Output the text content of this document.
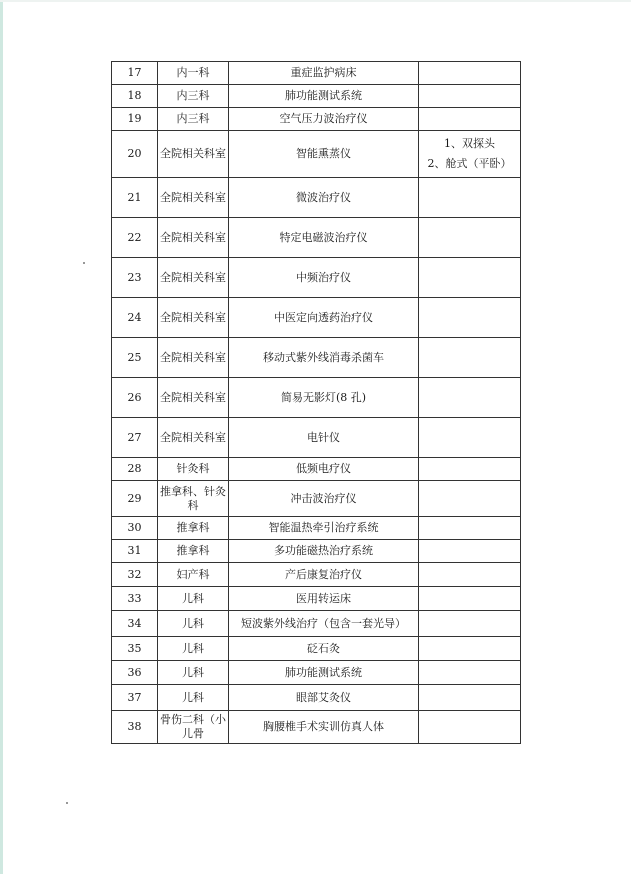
17	内一科	重症监护病床	
18	内三科	肺功能测试系统	
19	内三科	空气压力波治疗仪	
20	全院相关科室	智能熏蒸仪	1、双探头
2、舱式（平卧）

21	全院相关科室	微波治疗仪	
22	全院相关科室	特定电磁波治疗仪	
23	全院相关科室	中频治疗仪	
24	全院相关科室	中医定向透药治疗仪	
25	全院相关科室	移动式紫外线消毒杀菌车	
26	全院相关科室	简易无影灯(8 孔)	
27	全院相关科室	电针仪	
28	针灸科	低频电疗仪	
29	推拿科、针灸科	冲击波治疗仪	
30	推拿科	智能温热牵引治疗系统	
31	推拿科	多功能磁热治疗系统	
32	妇产科	产后康复治疗仪	
33	儿科	医用转运床	
34	儿科	短波紫外线治疗（包含一套光导）	
35	儿科	砭石灸	
36	儿科	肺功能测试系统	
37	儿科	眼部艾灸仪	
38	骨伤二科（小儿骨	胸腰椎手术实训仿真人体	
